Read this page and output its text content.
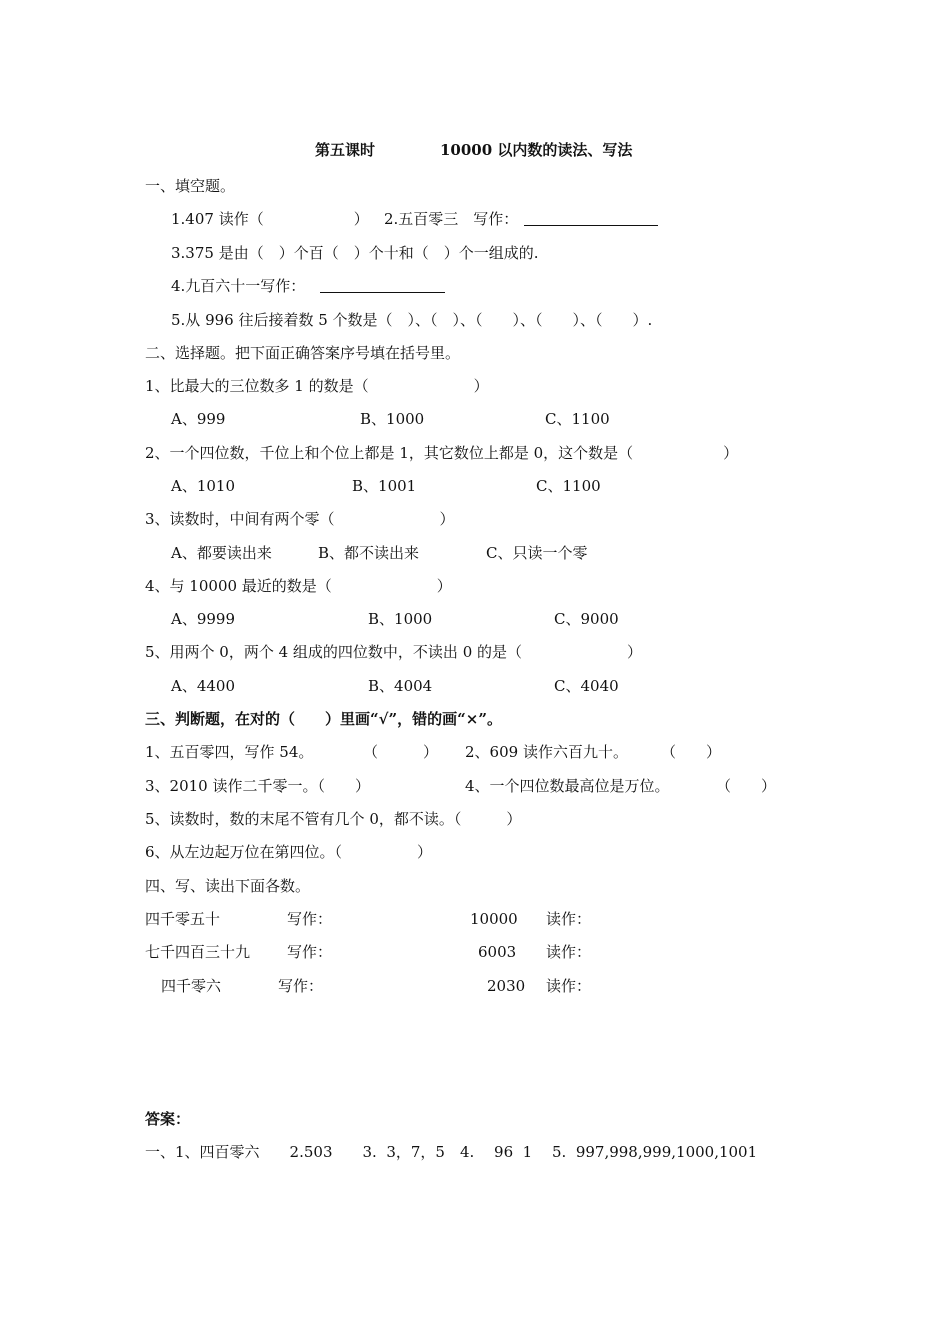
第五课时	10000 以内数的读法、写法
一、填空题。
1.407 读作（　　　　　　） 2.五百零三　写作：
3.375 是由（　）个百（　）个十和（　）个一组成的.
4.九百六十一写作：
5.从 996 往后接着数 5 个数是（　）、（　）、（　　）、（　　）、（　　）.
二、选择题。把下面正确答案序号填在括号里。
1、比最大的三位数多 1 的数是（　　　　　　　）
A、999	B、1000	C、1100
2、一个四位数，千位上和个位上都是 1，其它数位上都是 0，这个数是（　　　　　　）
A、1010	B、1001	C、1100
3、读数时，中间有两个零（　　　　　　　）
A、都要读出来	B、都不读出来	C、只读一个零
4、与 10000 最近的数是（　　　　　　　）
A、9999	B、1000	C、9000
5、用两个 0，两个 4 组成的四位数中，不读出 0 的是（　　　　　　　）
A、4400	B、4004	C、4040
三、判断题，在对的（　　）里画“√”，错的画“×”。
1、五百零四，写作 54。	（　　　） 2、609 读作六百九十。 （　　）
3、2010 读作二千零一。（　　）	4、一个四位数最高位是万位。	（　　）
5、读数时，数的末尾不管有几个 0，都不读。（　　　）
6、从左边起万位在第四位。（　　　　　）
四、写、读出下面各数。
四千零五十	写作：	10000 读作：
七千四百三十九 写作：	6003 读作：
四千零六	写作：	2030 读作：
答案：
一、1、四百零六　　2.503　　3.  3，7，5　4.　 96  1　 5.  997,998,999,1000,1001
